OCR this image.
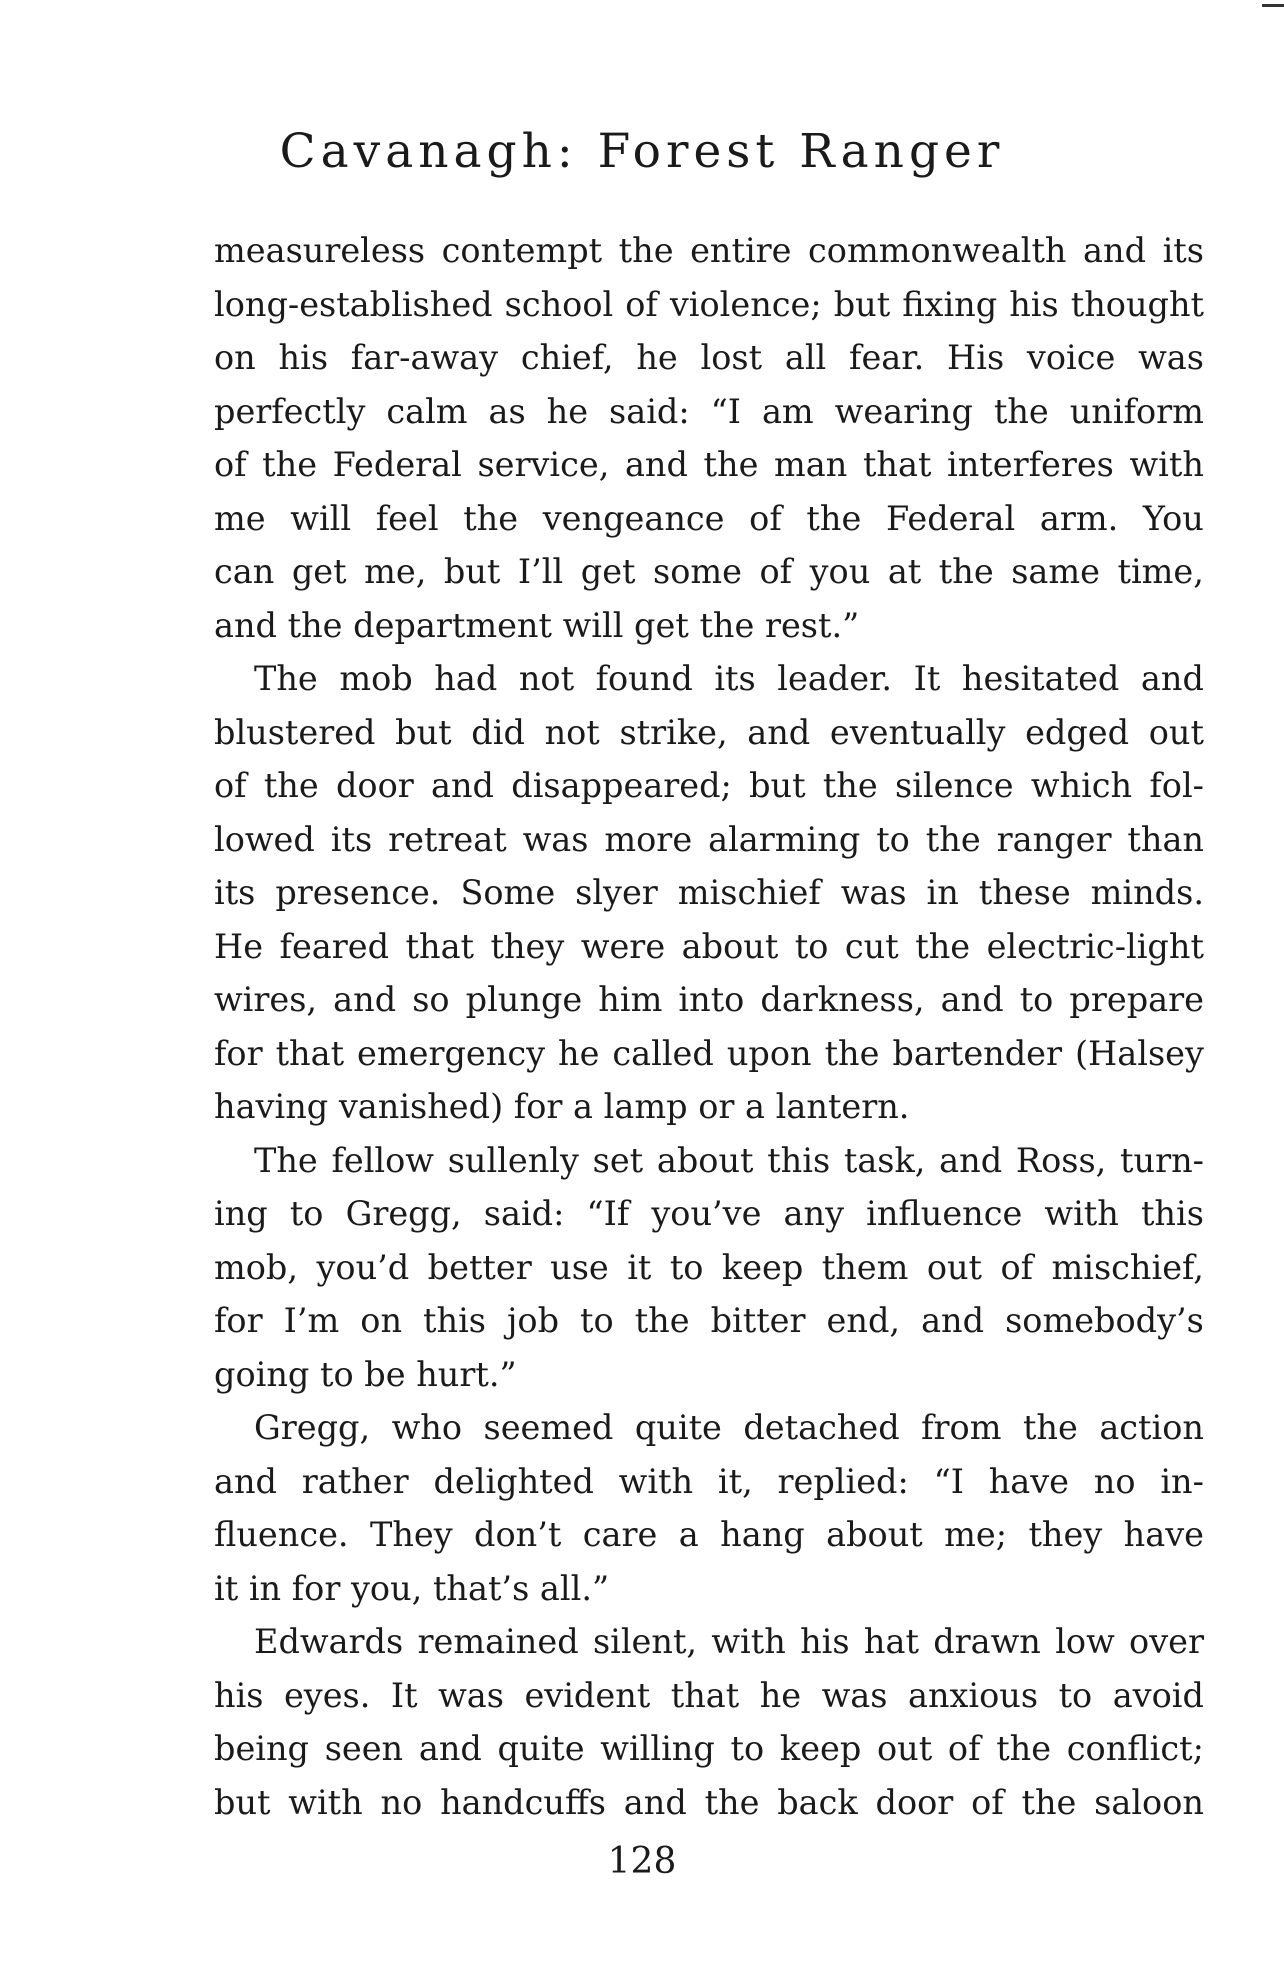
Cavanagh: Forest Ranger
measureless contempt the entire commonwealth and its
long-established school of violence; but fixing his thought
on his far-away chief, he lost all fear. His voice was
perfectly calm as he said: “I am wearing the uniform
of the Federal service, and the man that interferes with
me will feel the vengeance of the Federal arm. You
can get me, but I’ll get some of you at the same time,
and the department will get the rest.”
The mob had not found its leader. It hesitated and
blustered but did not strike, and eventually edged out
of the door and disappeared; but the silence which fol-
lowed its retreat was more alarming to the ranger than
its presence. Some slyer mischief was in these minds.
He feared that they were about to cut the electric-light
wires, and so plunge him into darkness, and to prepare
for that emergency he called upon the bartender (Halsey
having vanished) for a lamp or a lantern.
The fellow sullenly set about this task, and Ross, turn-
ing to Gregg, said: “If you’ve any influence with this
mob, you’d better use it to keep them out of mischief,
for I’m on this job to the bitter end, and somebody’s
going to be hurt.”
Gregg, who seemed quite detached from the action
and rather delighted with it, replied: “I have no in-
fluence. They don’t care a hang about me; they have
it in for you, that’s all.”
Edwards remained silent, with his hat drawn low over
his eyes. It was evident that he was anxious to avoid
being seen and quite willing to keep out of the conflict;
but with no handcuffs and the back door of the saloon
128
